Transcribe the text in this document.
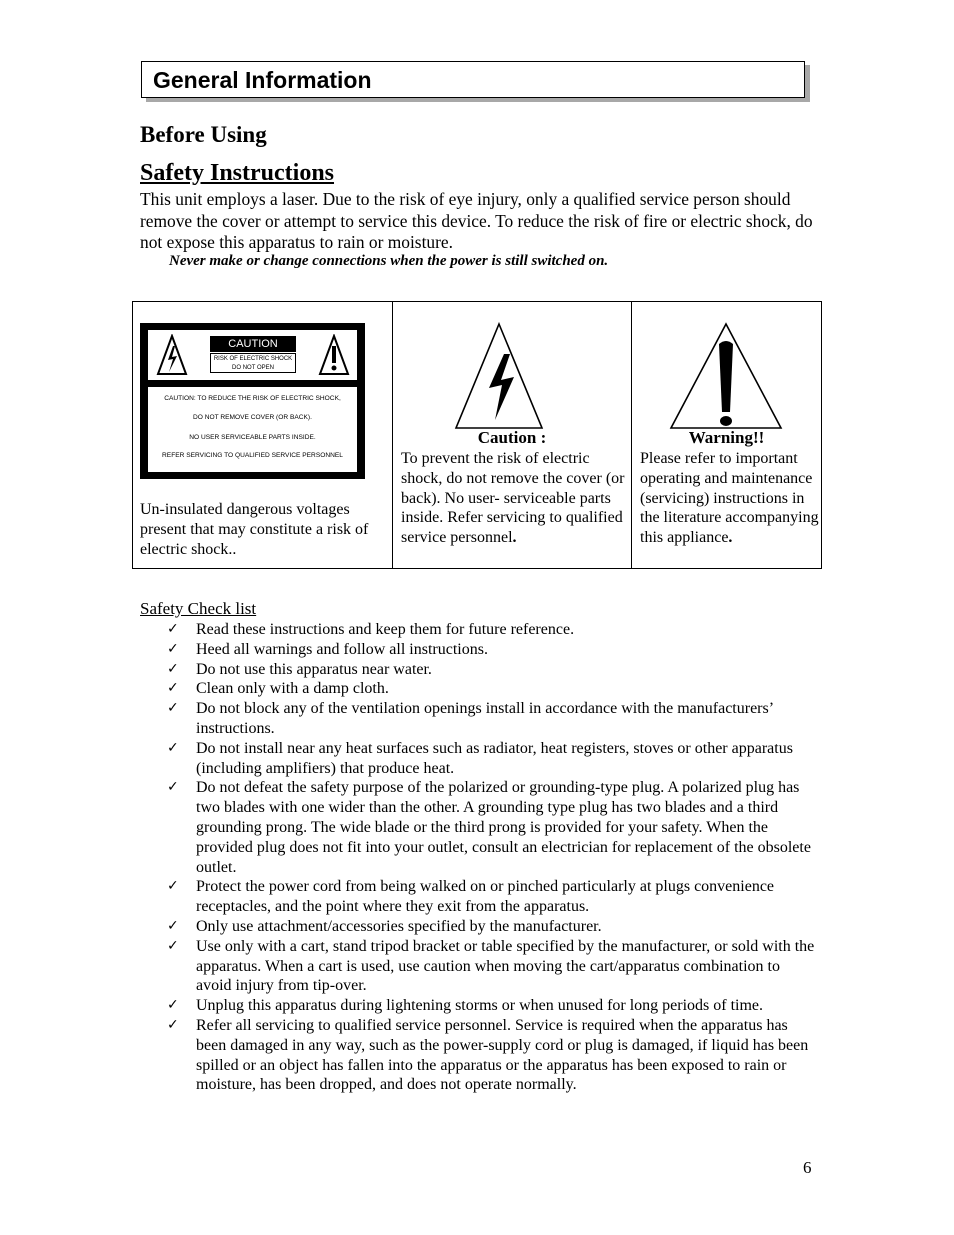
General Information
Before Using
Safety Instructions

This unit employs a laser. Due to the risk of eye injury, only a qualified service person should remove the cover or attempt to service this device. To reduce the risk of fire or electric shock, do not expose this apparatus to rain or moisture.

Never make or change connections when the power is still switched on.
CAUTION
RISK OF ELECTRIC SHOCK
DO NOT OPEN
CAUTION: TO REDUCE THE RISK OF ELECTRIC SHOCK,
DO NOT REMOVE COVER (OR BACK).
NO USER SERVICEABLE PARTS INSIDE.
REFER SERVICING TO QUALIFIED SERVICE PERSONNEL

Un-insulated dangerous voltages present that may constitute a risk of electric shock..

Caution :

To prevent the risk of electric shock, do not remove the cover (or back). No user- serviceable parts inside. Refer servicing to qualified service personnel.

Warning!!

Please refer to important operating and maintenance (servicing) instructions in the literature accompanying this appliance.

Safety Check list
✓ Read these instructions and keep them for future reference.
✓ Heed all warnings and follow all instructions.
✓ Do not use this apparatus near water.
✓ Clean only with a damp cloth.
✓ Do not block any of the ventilation openings install in accordance with the manufacturers’ instructions.
✓ Do not install near any heat surfaces such as radiator, heat registers, stoves or other apparatus (including amplifiers) that produce heat.
✓ Do not defeat the safety purpose of the polarized or grounding-type plug. A polarized plug has two blades with one wider than the other. A grounding type plug has two blades and a third grounding prong. The wide blade or the third prong is provided for your safety. When the provided plug does not fit into your outlet, consult an electrician for replacement of the obsolete outlet.
✓ Protect the power cord from being walked on or pinched particularly at plugs convenience receptacles, and the point where they exit from the apparatus.
✓ Only use attachment/accessories specified by the manufacturer.
✓ Use only with a cart, stand tripod bracket or table specified by the manufacturer, or sold with the apparatus. When a cart is used, use caution when moving the cart/apparatus combination to avoid injury from tip-over.
✓ Unplug this apparatus during lightening storms or when unused for long periods of time.
✓ Refer all servicing to qualified service personnel. Service is required when the apparatus has been damaged in any way, such as the power-supply cord or plug is damaged, if liquid has been spilled or an object has fallen into the apparatus or the apparatus has been exposed to rain or moisture, has been dropped, and does not operate normally.
6
